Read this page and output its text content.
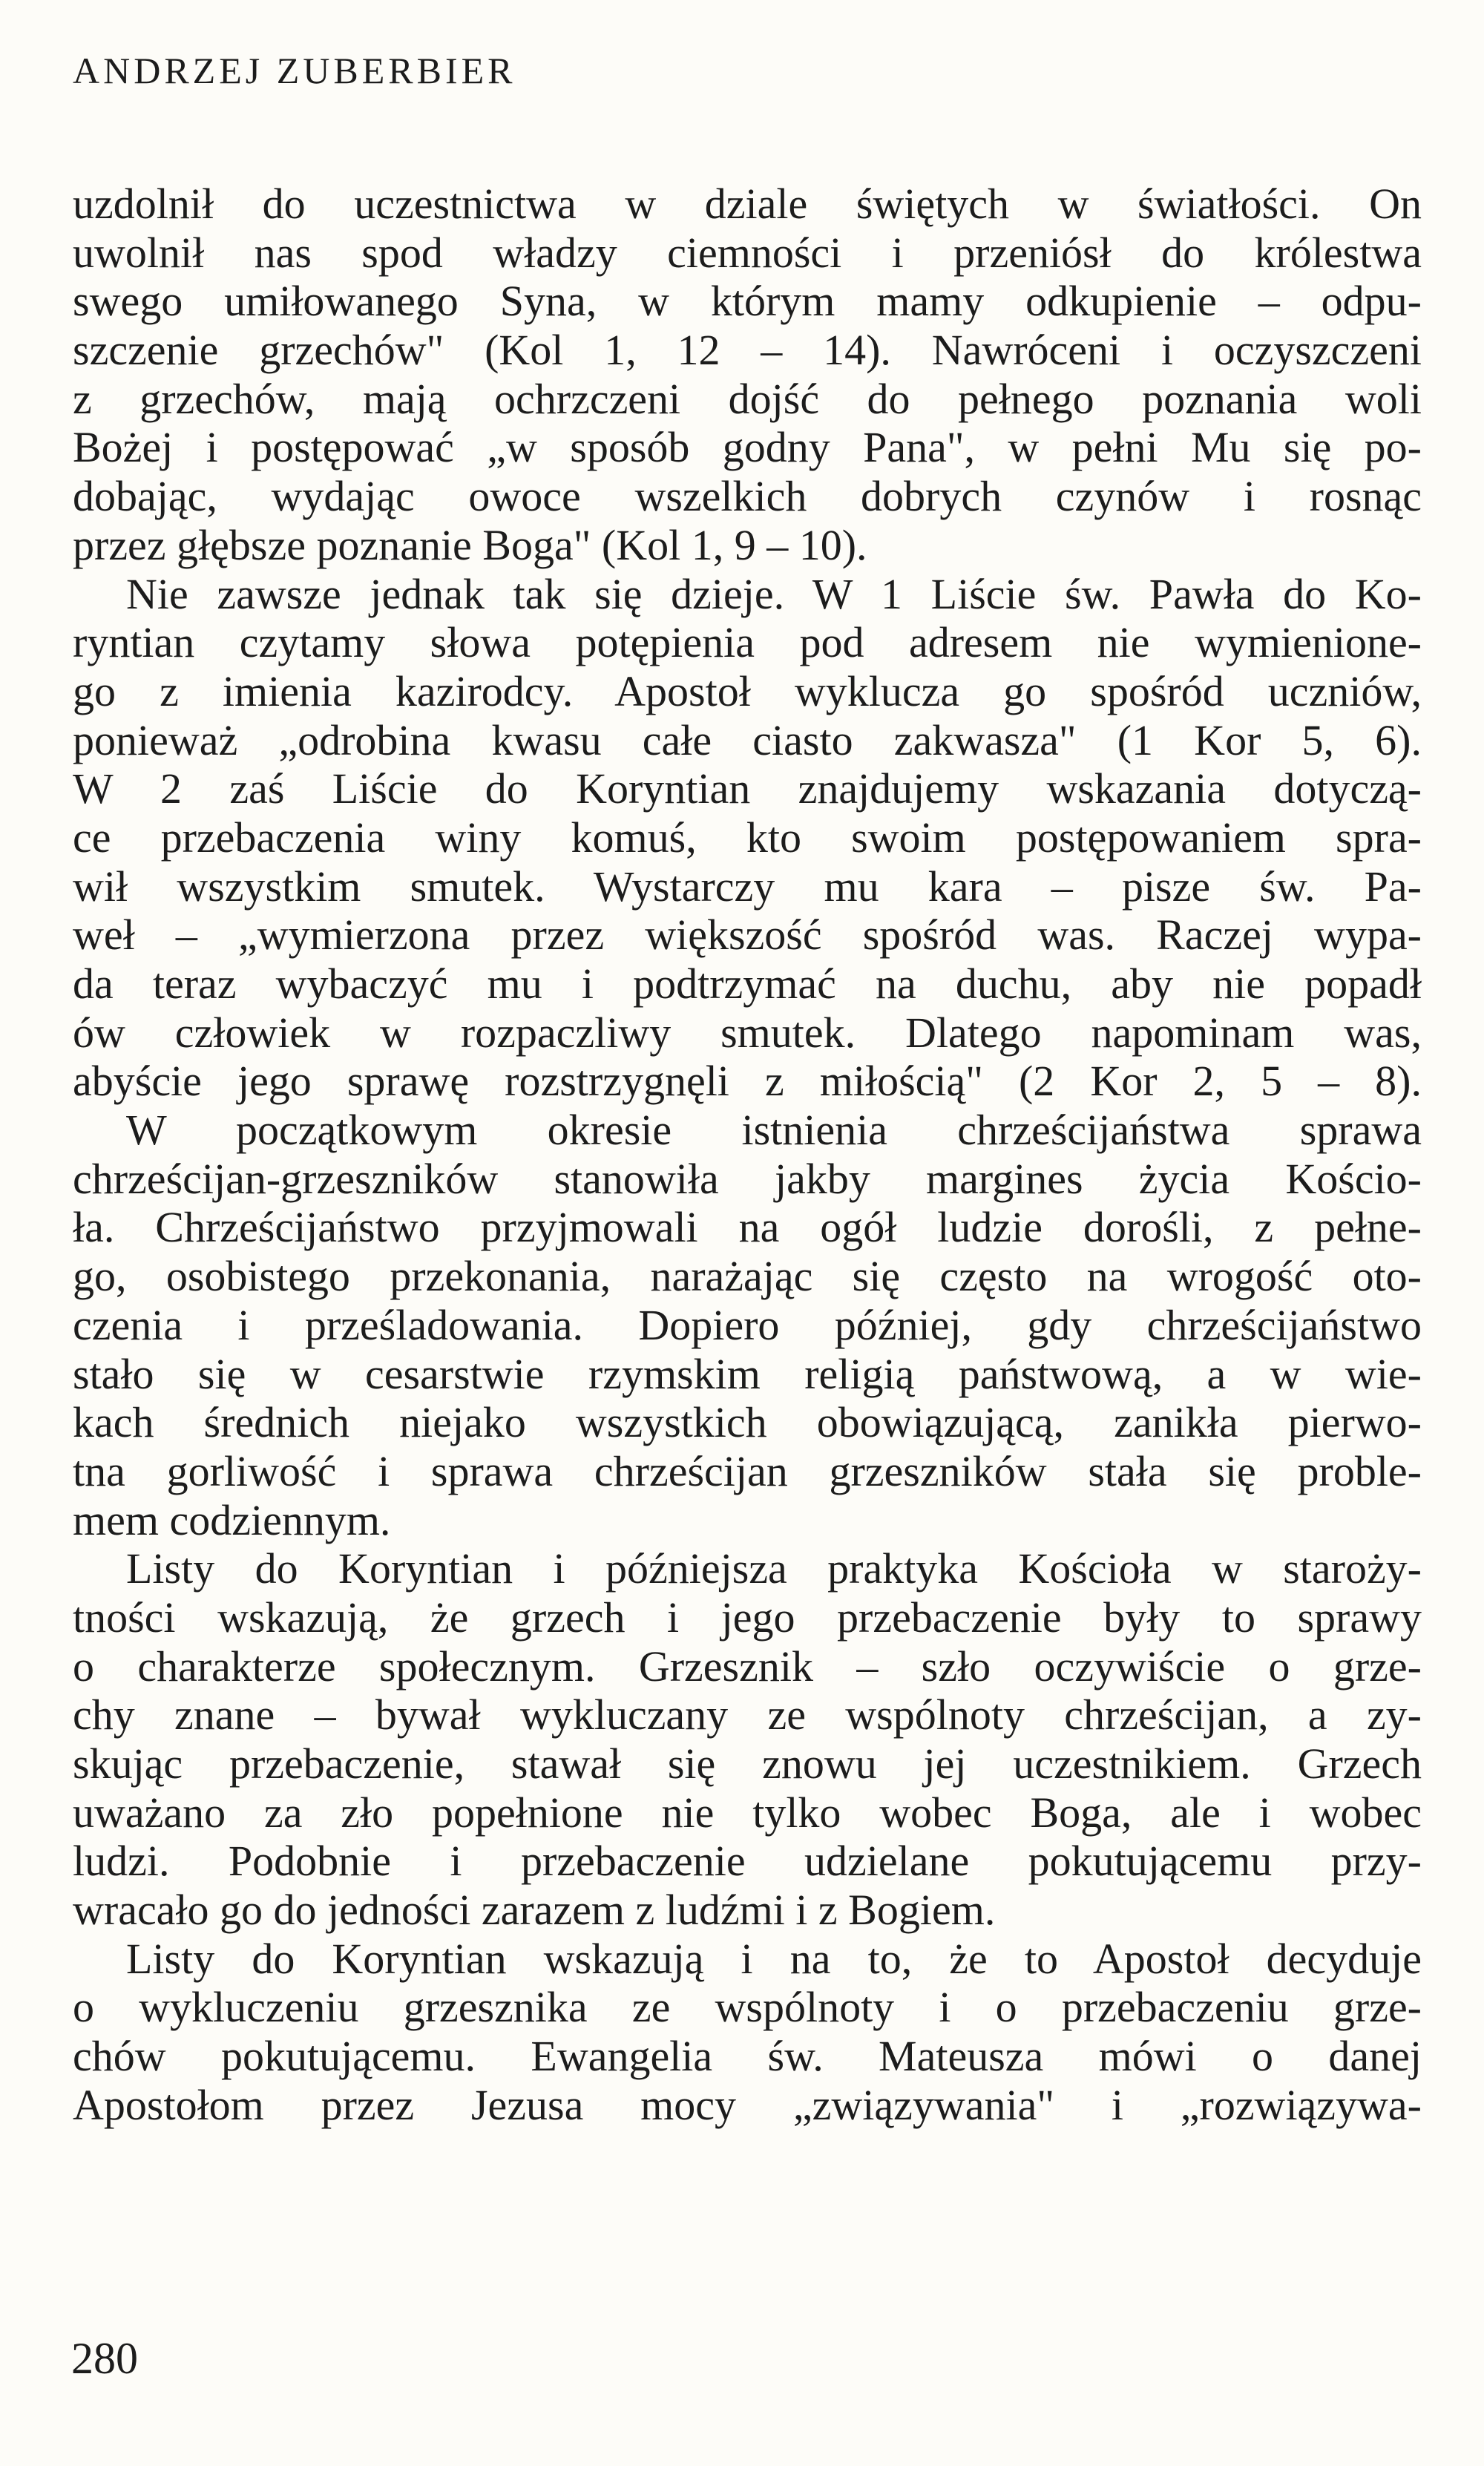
ANDRZEJ ZUBERBIER
uzdolnił do uczestnictwa w dziale świętych w światłości. On
uwolnił nas spod władzy ciemności i przeniósł do królestwa
swego umiłowanego Syna, w którym mamy odkupienie – odpu-
szczenie grzechów" (Kol 1, 12 – 14). Nawróceni i oczyszczeni
z grzechów, mają ochrzczeni dojść do pełnego poznania woli
Bożej i postępować „w sposób godny Pana", w pełni Mu się po-
dobając, wydając owoce wszelkich dobrych czynów i rosnąc
przez głębsze poznanie Boga" (Kol 1, 9 – 10).
Nie zawsze jednak tak się dzieje. W 1 Liście św. Pawła do Ko-
ryntian czytamy słowa potępienia pod adresem nie wymienione-
go z imienia kazirodcy. Apostoł wyklucza go spośród uczniów,
ponieważ „odrobina kwasu całe ciasto zakwasza" (1 Kor 5, 6).
W 2 zaś Liście do Koryntian znajdujemy wskazania dotyczą-
ce przebaczenia winy komuś, kto swoim postępowaniem spra-
wił wszystkim smutek. Wystarczy mu kara – pisze św. Pa-
weł – „wymierzona przez większość spośród was. Raczej wypa-
da teraz wybaczyć mu i podtrzymać na duchu, aby nie popadł
ów człowiek w rozpaczliwy smutek. Dlatego napominam was,
abyście jego sprawę rozstrzygnęli z miłością" (2 Kor 2, 5 – 8).
W początkowym okresie istnienia chrześcijaństwa sprawa
chrześcijan-grzeszników stanowiła jakby margines życia Kościo-
ła. Chrześcijaństwo przyjmowali na ogół ludzie dorośli, z pełne-
go, osobistego przekonania, narażając się często na wrogość oto-
czenia i prześladowania. Dopiero później, gdy chrześcijaństwo
stało się w cesarstwie rzymskim religią państwową, a w wie-
kach średnich niejako wszystkich obowiązującą, zanikła pierwo-
tna gorliwość i sprawa chrześcijan grzeszników stała się proble-
mem codziennym.
Listy do Koryntian i późniejsza praktyka Kościoła w staroży-
tności wskazują, że grzech i jego przebaczenie były to sprawy
o charakterze społecznym. Grzesznik – szło oczywiście o grze-
chy znane – bywał wykluczany ze wspólnoty chrześcijan, a zy-
skując przebaczenie, stawał się znowu jej uczestnikiem. Grzech
uważano za zło popełnione nie tylko wobec Boga, ale i wobec
ludzi. Podobnie i przebaczenie udzielane pokutującemu przy-
wracało go do jedności zarazem z ludźmi i z Bogiem.
Listy do Koryntian wskazują i na to, że to Apostoł decyduje
o wykluczeniu grzesznika ze wspólnoty i o przebaczeniu grze-
chów pokutującemu. Ewangelia św. Mateusza mówi o danej
Apostołom przez Jezusa mocy „związywania" i „rozwiązywa-
280
